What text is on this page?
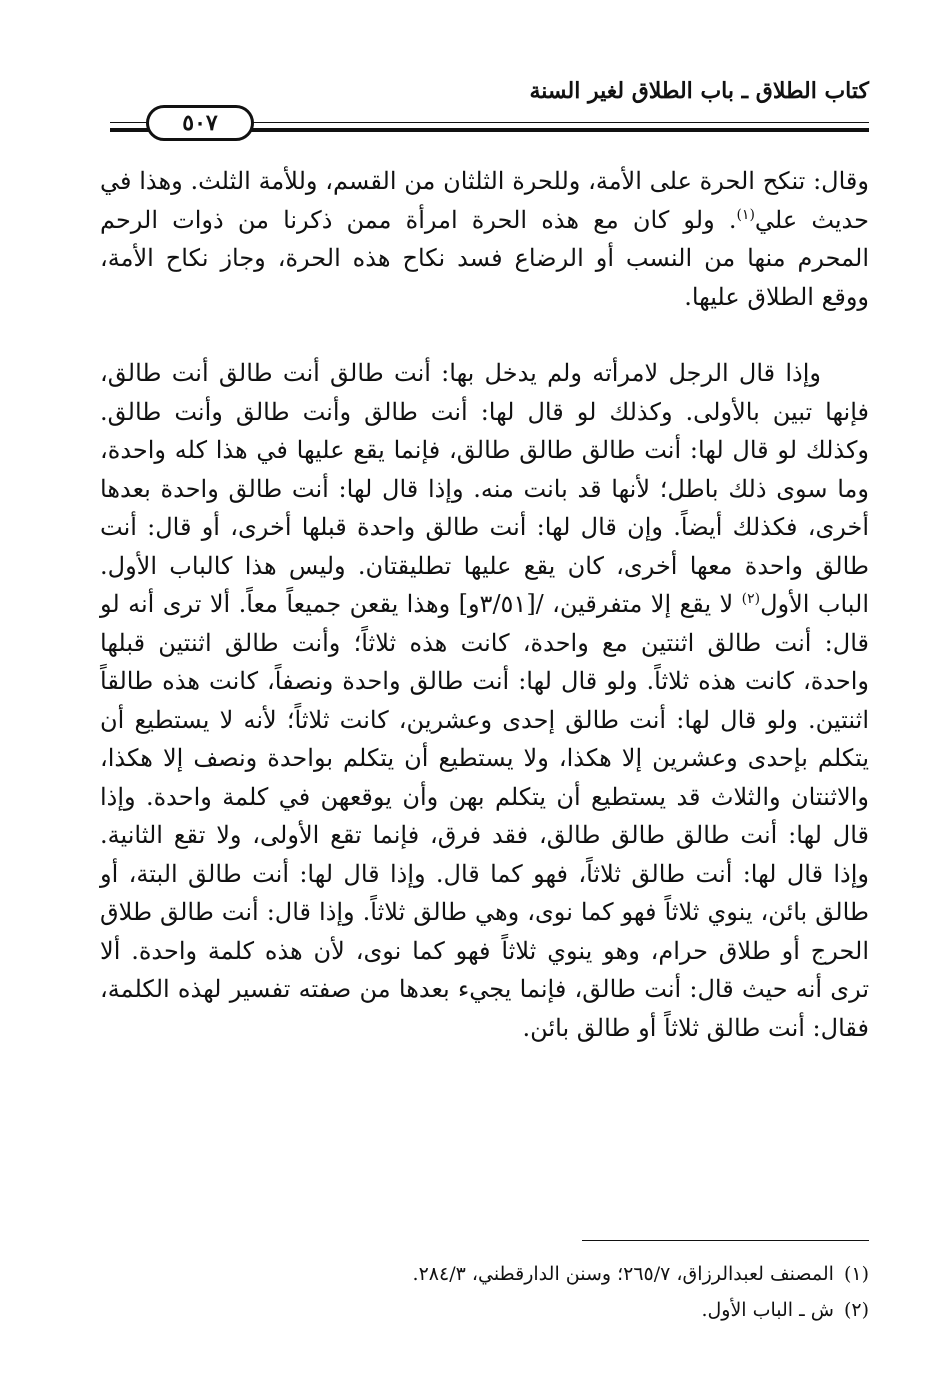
كتاب الطلاق ـ باب الطلاق لغير السنة
٥٠٧

وقال: تنكح الحرة على الأمة، وللحرة الثلثان من القسم، وللأمة الثلث. وهذا في حديث علي$^{(١)}$. ولو كان مع هذه الحرة امرأة ممن ذكرنا من ذوات الرحم المحرم منها من النسب أو الرضاع فسد نكاح هذه الحرة، وجاز نكاح الأمة، ووقع الطلاق عليها.

وإذا قال الرجل لامرأته ولم يدخل بها: أنت طالق أنت طالق أنت طالق، فإنها تبين بالأولى. وكذلك لو قال لها: أنت طالق وأنت طالق وأنت طالق. وكذلك لو قال لها: أنت طالق طالق طالق، فإنما يقع عليها في هذا كله واحدة، وما سوى ذلك باطل؛ لأنها قد بانت منه. وإذا قال لها: أنت طالق واحدة بعدها أخرى، فكذلك أيضاً. وإن قال لها: أنت طالق واحدة قبلها أخرى، أو قال: أنت طالق واحدة معها أخرى، كان يقع عليها تطليقتان. وليس هذا كالباب الأول. الباب الأول$^{(٢)}$ لا يقع إلا متفرقين، /[٣/٥١و] وهذا يقعن جميعاً معاً. ألا ترى أنه لو قال: أنت طالق اثنتين مع واحدة، كانت هذه ثلاثاً؛ وأنت طالق اثنتين قبلها واحدة، كانت هذه ثلاثاً. ولو قال لها: أنت طالق واحدة ونصفاً، كانت هذه طالقاً اثنتين. ولو قال لها: أنت طالق إحدى وعشرين، كانت ثلاثاً؛ لأنه لا يستطيع أن يتكلم بإحدى وعشرين إلا هكذا، ولا يستطيع أن يتكلم بواحدة ونصف إلا هكذا، والاثنتان والثلاث قد يستطيع أن يتكلم بهن وأن يوقعهن في كلمة واحدة. وإذا قال لها: أنت طالق طالق طالق، فقد فرق، فإنما تقع الأولى، ولا تقع الثانية. وإذا قال لها: أنت طالق ثلاثاً، فهو كما قال. وإذا قال لها: أنت طالق البتة، أو طالق بائن، ينوي ثلاثاً فهو كما نوى، وهي طالق ثلاثاً. وإذا قال: أنت طالق طلاق الحرج أو طلاق حرام، وهو ينوي ثلاثاً فهو كما نوى، لأن هذه كلمة واحدة. ألا ترى أنه حيث قال: أنت طالق، فإنما يجيء بعدها من صفته تفسير لهذه الكلمة، فقال: أنت طالق ثلاثاً أو طالق بائن.

(١)المصنف لعبدالرزاق، ٢٦٥/٧؛ وسنن الدارقطني، ٢٨٤/٣.
(٢)ش ـ الباب الأول.
